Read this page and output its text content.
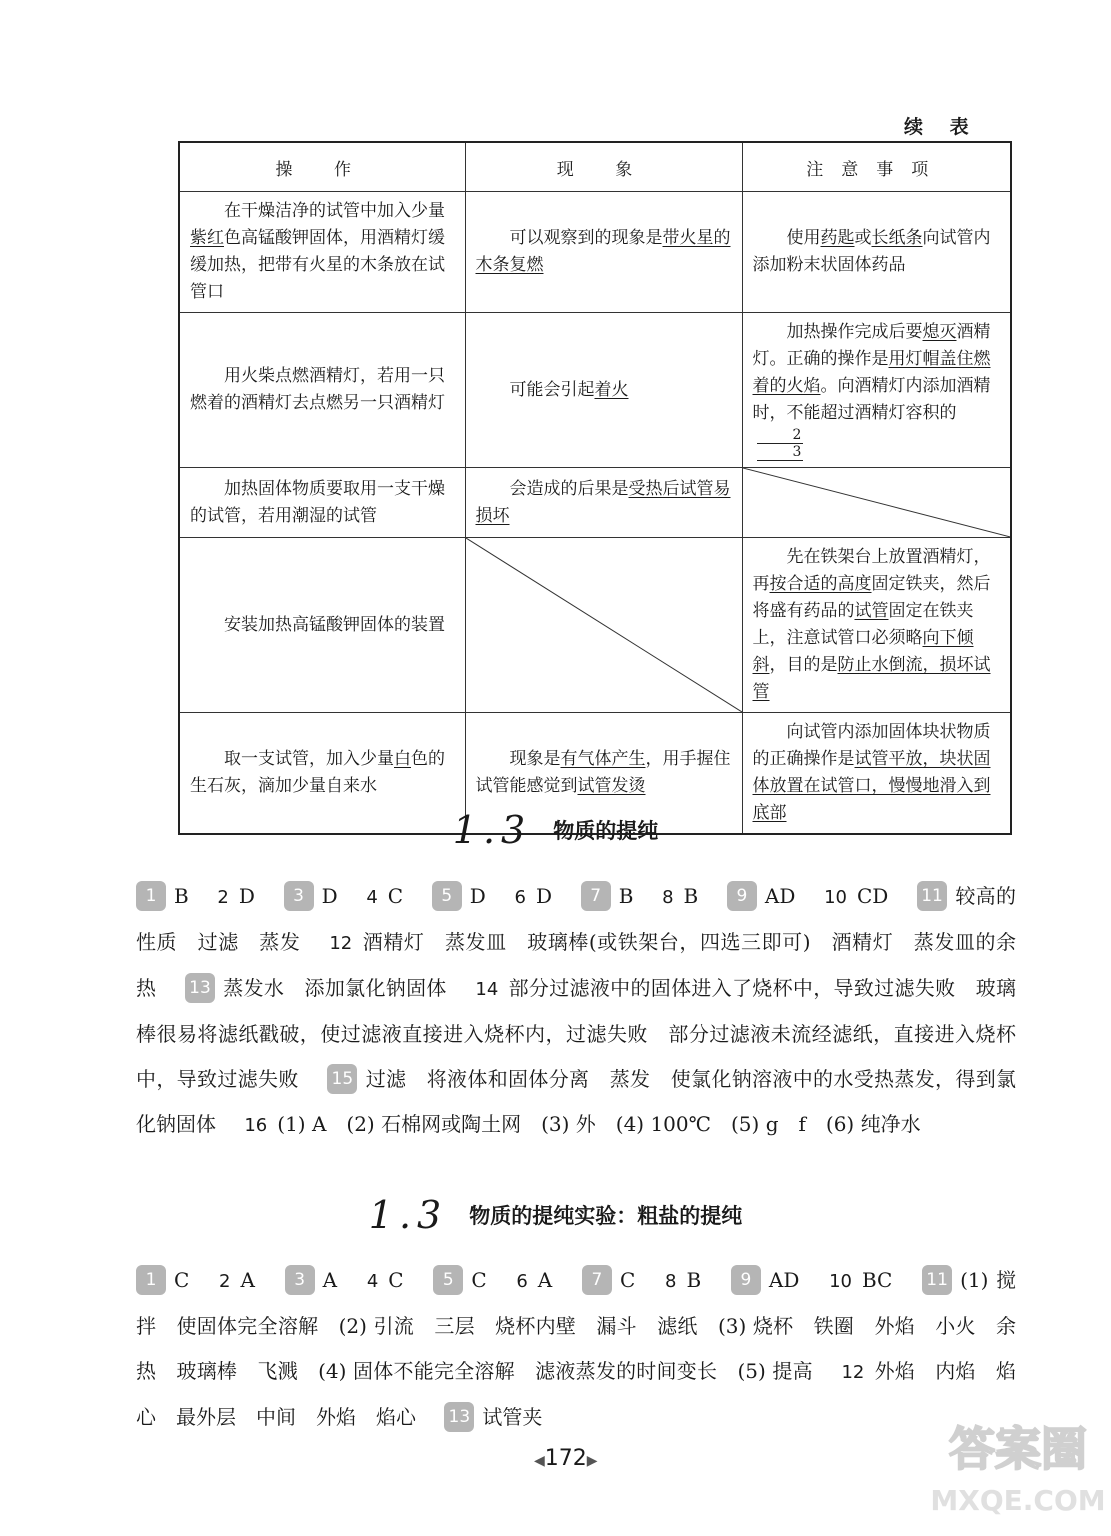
续 表
操 作	现 象	注意事项

在干燥洁净的试管中加入少量紫红色高锰酸钾固体，用酒精灯缓缓加热，把带有火星的木条放在试管口	可以观察到的现象是带火星的木条复燃	使用药匙或长纸条向试管内添加粉末状固体药品

用火柴点燃酒精灯，若用一只燃着的酒精灯去点燃另一只酒精灯	可能会引起着火	加热操作完成后要熄灭酒精灯。正确的操作是用灯帽盖住燃着的火焰。向酒精灯内添加酒精时，不能超过酒精灯容积的
$\frac{2}{3}$

加热固体物质要取用一支干燥的试管，若用潮湿的试管	会造成的后果是受热后试管易损坏

安装加热高锰酸钾固体的装置		先在铁架台上放置酒精灯，再按合适的高度固定铁夹，然后将盛有药品的试管固定在铁夹上，注意试管口必须略向下倾斜，目的是防止水倒流，损坏试管

取一支试管，加入少量白色的生石灰，滴加少量自来水	现象是有气体产生，用手握住试管能感觉到试管发烫	向试管内添加固体块状物质的正确操作是试管平放，块状固体放置在试管口，慢慢地滑入到底部
1.3 物质的提纯
1 B 2 D 3 D 4 C 5 D 6 D 7 B 8 B 9 AD 10 CD 11 较高的　性质　过滤　蒸发 12 酒精灯　蒸发皿　玻璃棒(或铁架台，四选三即可)　酒精灯　蒸发皿的余热 13 蒸发水　添加氯化钠固体 14 部分过滤液中的固体进入了烧杯中，导致过滤失败　玻璃棒很易将滤纸戳破，使过滤液直接进入烧杯内，过滤失败　部分过滤液未流经滤纸，直接进入烧杯中，导致过滤失败 15 过滤　将液体和固体分离　蒸发　使氯化钠溶液中的水受热蒸发，得到氯化钠固体 16 (1) A　(2) 石棉网或陶土网　(3) 外　(4) 100℃　(5) g　f　(6) 纯净水
1.3 物质的提纯实验：粗盐的提纯
1 C 2 A 3 A 4 C 5 C 6 A 7 C 8 B 9 AD 10 BC 11 (1) 搅拌　使固体完全溶解　(2) 引流　三层　烧杯内壁　漏斗　滤纸　(3) 烧杯　铁圈　外焰　小火　余热　玻璃棒　飞溅　(4) 固体不能完全溶解　滤液蒸发的时间变长　(5) 提高 12 外焰　内焰　焰心　最外层　中间　外焰　焰心 13 试管夹
◀172▶	答案圈
MXQE.COM
